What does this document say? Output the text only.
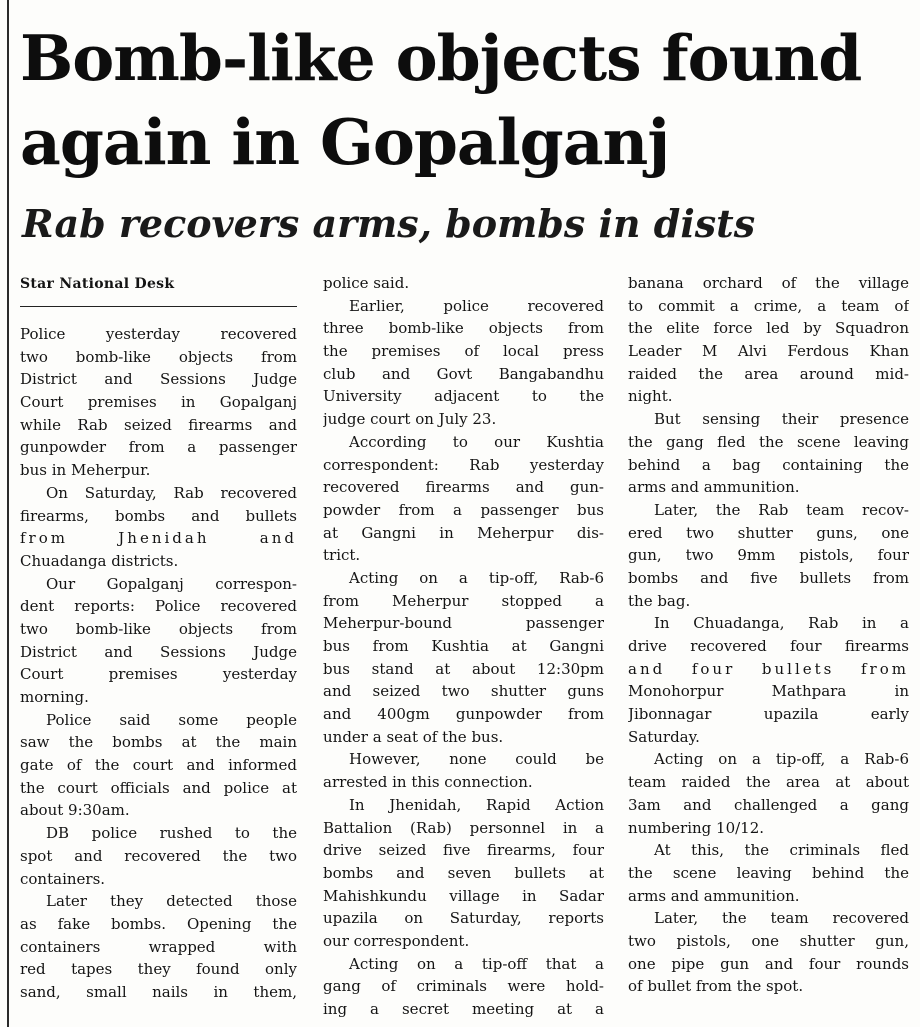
Bomb-like objects found
again in Gopalganj
Rab recovers arms, bombs in dists
Star National Desk
Police yesterday recovered
two bomb-like objects from
District and Sessions Judge
Court premises in Gopalganj
while Rab seized firearms and
gunpowder from a passenger
bus in Meherpur.
On Saturday, Rab recovered
firearms, bombs and bullets
from Jhenidah and
Chuadanga districts.
Our Gopalganj correspon-
dent reports: Police recovered
two bomb-like objects from
District and Sessions Judge
Court premises yesterday
morning.
Police said some people
saw the bombs at the main
gate of the court and informed
the court officials and police at
about 9:30am.
DB police rushed to the
spot and recovered the two
containers.
Later they detected those
as fake bombs. Opening the
containers wrapped with
red tapes they found only
sand, small nails in them,
police said.
Earlier, police recovered
three bomb-like objects from
the premises of local press
club and Govt Bangabandhu
University adjacent to the
judge court on July 23.
According to our Kushtia
correspondent: Rab yesterday
recovered firearms and gun-
powder from a passenger bus
at Gangni in Meherpur dis-
trict.
Acting on a tip-off, Rab-6
from Meherpur stopped a
Meherpur-bound passenger
bus from Kushtia at Gangni
bus stand at about 12:30pm
and seized two shutter guns
and 400gm gunpowder from
under a seat of the bus.
However, none could be
arrested in this connection.
In Jhenidah, Rapid Action
Battalion (Rab) personnel in a
drive seized five firearms, four
bombs and seven bullets at
Mahishkundu village in Sadar
upazila on Saturday, reports
our correspondent.
Acting on a tip-off that a
gang of criminals were hold-
ing a secret meeting at a
banana orchard of the village
to commit a crime, a team of
the elite force led by Squadron
Leader M Alvi Ferdous Khan
raided the area around mid-
night.
But sensing their presence
the gang fled the scene leaving
behind a bag containing the
arms and ammunition.
Later, the Rab team recov-
ered two shutter guns, one
gun, two 9mm pistols, four
bombs and five bullets from
the bag.
In Chuadanga, Rab in a
drive recovered four firearms
and four bullets from
Monohorpur Mathpara in
Jibonnagar upazila early
Saturday.
Acting on a tip-off, a Rab-6
team raided the area at about
3am and challenged a gang
numbering 10/12.
At this, the criminals fled
the scene leaving behind the
arms and ammunition.
Later, the team recovered
two pistols, one shutter gun,
one pipe gun and four rounds
of bullet from the spot.
